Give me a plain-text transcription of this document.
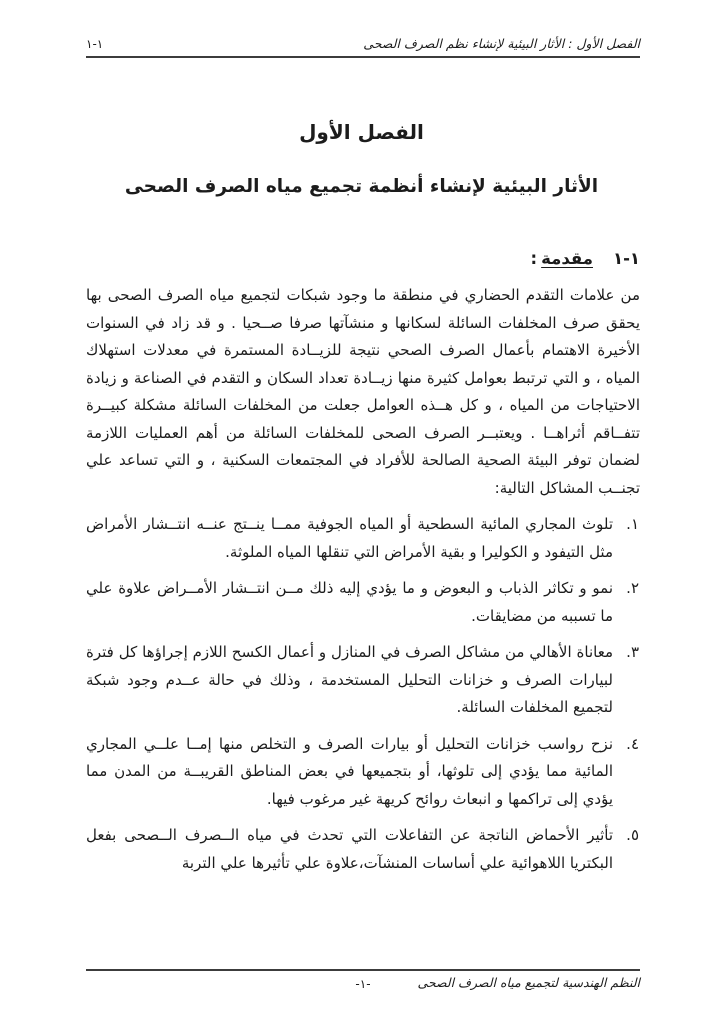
الفصل الأول : الأثار البيئية لإنشاء نظم الصرف الصحى
١-١
الفصل الأول
الأثار البيئية لإنشاء أنظمة تجميع مياه الصرف الصحى
١-١مقدمة:

من علامات التقدم الحضاري في منطقة ما وجود شبكات لتجميع مياه الصرف الصحى بها يحقق صرف المخلفات السائلة لسكانها و منشآتها صرفا صــحيا . و قد زاد في السنوات الأخيرة الاهتمام بأعمال الصرف الصحي نتيجة للزيــادة المستمرة في معدلات استهلاك المياه ، و التي ترتبط بعوامل كثيرة منها زيــادة تعداد السكان و التقدم في الصناعة و زيادة الاحتياجات من المياه ، و كل هــذه العوامل جعلت من المخلفات السائلة مشكلة كبيــرة تتفــاقم أثراهــا . ويعتبــر الصرف الصحى للمخلفات السائلة من أهم العمليات اللازمة لضمان توفر البيئة الصحية الصالحة للأفراد في المجتمعات السكنية ، و التي تساعد علي تجنــب المشاكل التالية:

١.
تلوث المجاري المائية السطحية أو المياه الجوفية ممــا ينــتج عنــه انتــشار الأمراض مثل التيفود و الكوليرا و بقية الأمراض التي تنقلها المياه الملوثة.
٢.
نمو و تكاثر الذباب و البعوض و ما يؤدي إليه ذلك مــن انتــشار الأمــراض علاوة علي ما تسببه من مضايقات.
٣.
معاناة الأهالي من مشاكل الصرف في المنازل و أعمال الكسح اللازم إجراؤها كل فترة لبيارات الصرف و خزانات التحليل المستخدمة ، وذلك في حالة عــدم وجود شبكة لتجميع المخلفات السائلة.
٤.
نزح رواسب خزانات التحليل أو بيارات الصرف و التخلص منها إمــا علــي المجاري المائية مما يؤدي إلى تلوثها، أو بتجميعها في بعض المناطق القريبــة من المدن مما يؤدي إلى تراكمها و انبعاث روائح كريهة غير مرغوب فيها.
٥.
تأثير الأحماض الناتجة عن التفاعلات التي تحدث في مياه الــصرف الــصحى بفعل البكتريا اللاهوائية علي أساسات المنشآت،علاوة علي تأثيرها علي التربة
النظم الهندسية لتجميع مياه الصرف الصحى
-١-
